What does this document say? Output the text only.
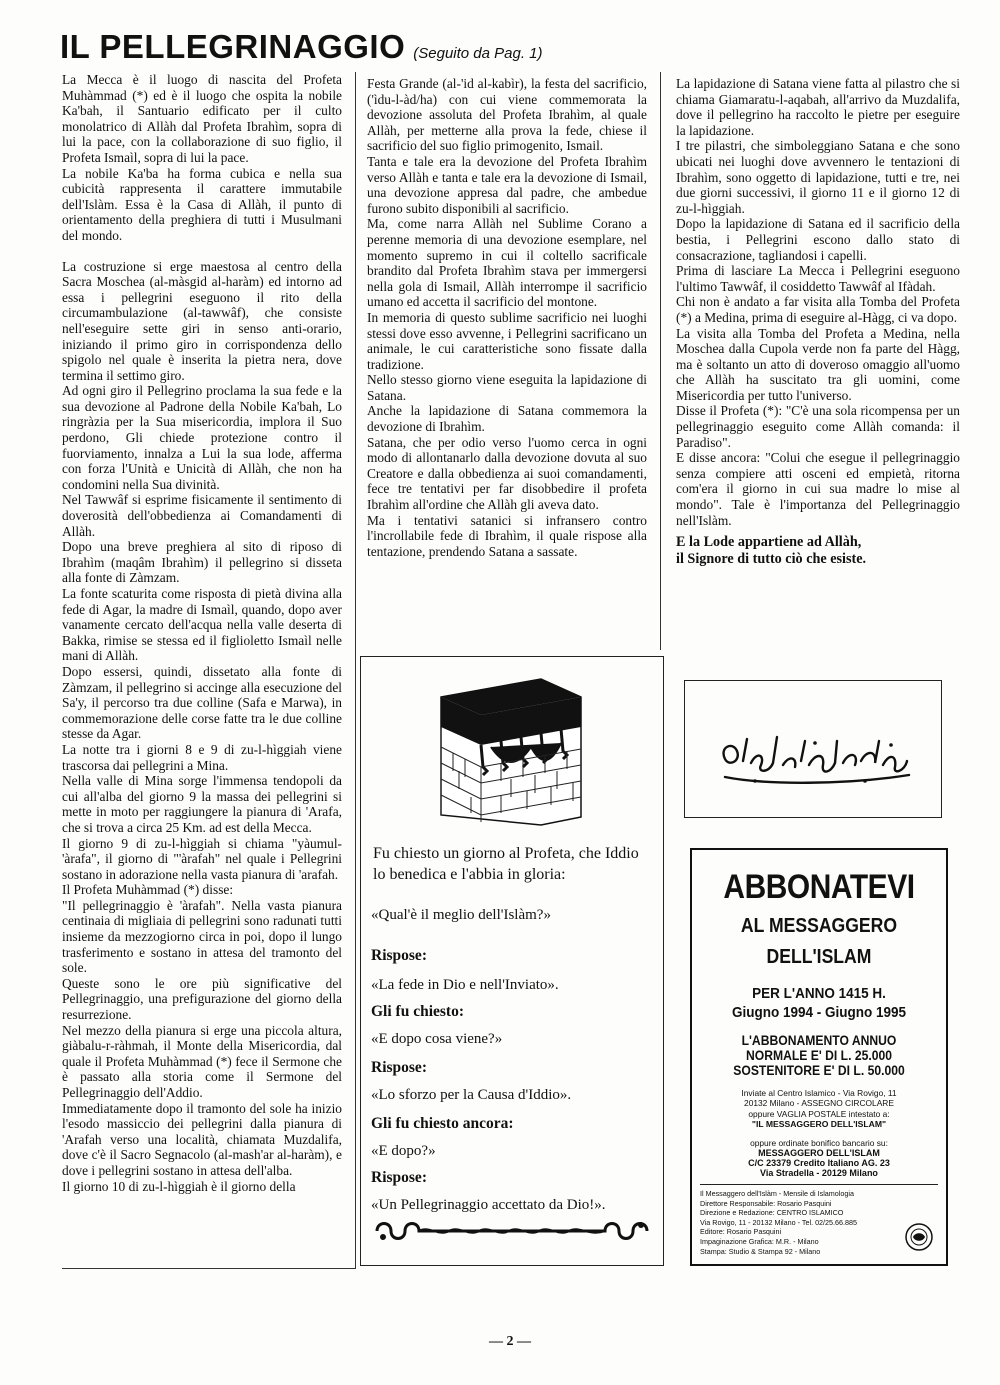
IL PELLEGRINAGGIO (Seguito da Pag. 1)

La Mecca è il luogo di nascita del Profeta Muhàmmad (*) ed è il luogo che ospita la nobile Ka'bah, il Santuario edificato per il culto monolatrico di Allàh dal Profeta Ibrahìm, sopra di lui la pace, con la collaborazione di suo figlio, il Profeta Ismaìl, sopra di lui la pace.

La nobile Ka'ba ha forma cubica e nella sua cubicità rappresenta il carattere immutabile dell'Islàm. Essa è la Casa di Allàh, il punto di orientamento della preghiera di tutti i Musulmani del mondo.

La costruzione si erge maestosa al centro della Sacra Moschea (al-màsgid al-haràm) ed intorno ad essa i pellegrini eseguono il rito della circumambulazione (al-tawwâf), che consiste nell'eseguire sette giri in senso anti-orario, iniziando il primo giro in corrispondenza dello spigolo nel quale è inserita la pietra nera, dove termina il settimo giro.

Ad ogni giro il Pellegrino proclama la sua fede e la sua devozione al Padrone della Nobile Ka'bah, Lo ringràzia per la Sua misericordia, implora il Suo perdono, Gli chiede protezione contro il fuorviamento, innalza a Lui la sua lode, afferma con forza l'Unità e Unicità di Allàh, che non ha condomini nella Sua divinità.

Nel Tawwâf si esprime fisicamente il sentimento di doverosità dell'obbedienza ai Comandamenti di Allàh.

Dopo una breve preghiera al sito di riposo di Ibrahìm (maqâm Ibrahìm) il pellegrino si disseta alla fonte di Zàmzam.

La fonte scaturita come risposta di pietà divina alla fede di Agar, la madre di Ismaìl, quando, dopo aver vanamente cercato dell'acqua nella valle deserta di Bakka, rimise se stessa ed il figlioletto Ismaìl nelle mani di Allàh.

Dopo essersi, quindi, dissetato alla fonte di Zàmzam, il pellegrino si accinge alla esecuzione del Sa'y, il percorso tra due colline (Safa e Marwa), in commemorazione delle corse fatte tra le due colline stesse da Agar.

La notte tra i giorni 8 e 9 di zu-l-hìggiah viene trascorsa dai pellegrini a Mina.

Nella valle di Mina sorge l'immensa tendopoli da cui all'alba del giorno 9 la massa dei pellegrini si mette in moto per raggiungere la pianura di 'Arafa, che si trova a circa 25 Km. ad est della Mecca.

Il giorno 9 di zu-l-hìggiah si chiama "yàumul-'àrafa", il giorno di "'àrafah" nel quale i Pellegrini sostano in adorazione nella vasta pianura di 'arafah.

Il Profeta Muhàmmad (*) disse:

"Il pellegrinaggio è 'àrafah". Nella vasta pianura centinaia di migliaia di pellegrini sono radunati tutti insieme da mezzogiorno circa in poi, dopo il lungo trasferimento e sostano in attesa del tramonto del sole.

Queste sono le ore più significative del Pellegrinaggio, una prefigurazione del giorno della resurrezione.

Nel mezzo della pianura si erge una piccola altura, giàbalu-r-ràhmah, il Monte della Misericordia, dal quale il Profeta Muhàmmad (*) fece il Sermone che è passato alla storia come il Sermone del Pellegrinaggio dell'Addio.

Immediatamente dopo il tramonto del sole ha inizio l'esodo massiccio dei pellegrini dalla pianura di 'Arafah verso una località, chiamata Muzdalifa, dove c'è il Sacro Segnacolo (al-mash'ar al-haràm), e dove i pellegrini sostano in attesa dell'alba.

Il giorno 10 di zu-l-hìggiah è il giorno della

Festa Grande (al-'id al-kabìr), la festa del sacrificio, ('ìdu-l-àd/ha) con cui viene commemorata la devozione assoluta del Profeta Ibrahìm, al quale Allàh, per metterne alla prova la fede, chiese il sacrificio del suo figlio primogenito, Ismail.

Tanta e tale era la devozione del Profeta Ibrahìm verso Allàh e tanta e tale era la devozione di Ismail, una devozione appresa dal padre, che ambedue furono subito disponibili al sacrificio.

Ma, come narra Allàh nel Sublime Corano a perenne memoria di una devozione esemplare, nel momento supremo in cui il coltello sacrificale brandito dal Profeta Ibrahìm stava per immergersi nella gola di Ismail, Allàh interrompe il sacrificio umano ed accetta il sacrificio del montone.

In memoria di questo sublime sacrificio nei luoghi stessi dove esso avvenne, i Pellegrini sacrificano un animale, le cui caratteristiche sono fissate dalla tradizione.

Nello stesso giorno viene eseguita la lapidazione di Satana.

Anche la lapidazione di Satana commemora la devozione di Ibrahìm.

Satana, che per odio verso l'uomo cerca in ogni modo di allontanarlo dalla devozione dovuta al suo Creatore e dalla obbedienza ai suoi comandamenti, fece tre tentativi per far disobbedire il profeta Ibrahìm all'ordine che Allàh gli aveva dato.

Ma i tentativi satanici si infransero contro l'incrollabile fede di Ibrahìm, il quale rispose alla tentazione, prendendo Satana a sassate.

La lapidazione di Satana viene fatta al pilastro che si chiama Giamaratu-l-aqabah, all'arrivo da Muzdalifa, dove il pellegrino ha raccolto le pietre per eseguire la lapidazione.

I tre pilastri, che simboleggiano Satana e che sono ubicati nei luoghi dove avvennero le tentazioni di Ibrahìm, sono oggetto di lapidazione, tutti e tre, nei due giorni successivi, il giorno 11 e il giorno 12 di zu-l-hìggiah.

Dopo la lapidazione di Satana ed il sacrificio della bestia, i Pellegrini escono dallo stato di consacrazione, tagliandosi i capelli.

Prima di lasciare La Mecca i Pellegrini eseguono l'ultimo Tawwâf, il cosiddetto Tawwâf al Ifàdah.

Chi non è andato a far visita alla Tomba del Profeta (*) a Medina, prima di eseguire al-Hàgg, ci va dopo.

La visita alla Tomba del Profeta a Medina, nella Moschea dalla Cupola verde non fa parte del Hàgg, ma è soltanto un atto di doveroso omaggio all'uomo che Allàh ha suscitato tra gli uomini, come Misericordia per tutto l'universo.

Disse il Profeta (*): "C'è una sola ricompensa per un pellegrinaggio eseguito come Allàh comanda: il Paradiso".

E disse ancora: "Colui che esegue il pellegrinaggio senza compiere atti osceni ed empietà, ritorna com'era il giorno in cui sua madre lo mise al mondo". Tale è l'importanza del Pellegrinaggio nell'Islàm.

E la Lode appartiene ad Allàh,
il Signore di tutto ciò che esiste.
Fu chiesto un giorno al Profeta, che Iddio lo benedica e l'abbia in gloria:
«Qual'è il meglio dell'Islàm?»
Rispose:
«La fede in Dio e nell'Inviato».
Gli fu chiesto:
«E dopo cosa viene?»
Rispose:
«Lo sforzo per la Causa d'Iddio».
Gli fu chiesto ancora:
«E dopo?»
Rispose:
«Un Pellegrinaggio accettato da Dio!».
ABBONATEVI
AL MESSAGGERO
DELL'ISLAM
PER L'ANNO 1415 H.
Giugno 1994 - Giugno 1995
L'ABBONAMENTO ANNUO
NORMALE E' DI L. 25.000
SOSTENITORE E' DI L. 50.000
Inviate al Centro Islamico - Via Rovigo, 11
20132 Milano - ASSEGNO CIRCOLARE
oppure VAGLIA POSTALE intestato a:
"IL MESSAGGERO DELL'ISLAM"
oppure ordinate bonifico bancario su:
MESSAGGERO DELL'ISLAM
C/C 23379 Credito Italiano AG. 23
Via Stradella - 20129 Milano
Il Messaggero dell'Islàm - Mensile di Islamologia
Direttore Responsabile: Rosario Pasquini
Direzione e Redazione: CENTRO ISLAMICO
Via Rovigo, 11 - 20132 Milano - Tel. 02/25.66.885
Editore: Rosario Pasquini
Impaginazione Grafica: M.R. - Milano
Stampa: Studio & Stampa 92 - Milano
— 2 —
